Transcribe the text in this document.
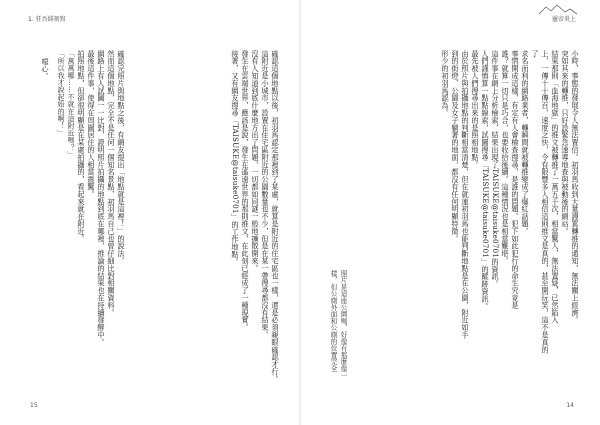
1. 狂吾緋刻寫

確認完照片與地點之後，有網友提出「地點就是這裡！」的說法。

然而這個地點，完全不是任何一個知名景點，初羽馬自己也曾仔細比對相關資料。

網路上有人試圖一一比對，證明照片拍攝的地點到底在哪裡，推論的結果也在持續發酵中。

最後這件事，使得在周圍居住的人相當震驚。

拍照地點，但卻很明顯是在某處拍攝的，看起來就在附近。

「萬萬哪……不就在這附近嗎？」

「所以我才說起始的啊！」	確認這個地點以後，初羽馬認定那裡到了某處，就算是附近的住宅區也一樣，還是必須親眼確認才行。

這附近是小城市，設置在住宅區附近的公園數量也不少，但是在某一帶搜尋都沒有結果。

沒有人知道到底什麼地方出了問題，一切都如同謎一般地擴散開來。

發生在雲端世界，應該是說，發生在遙遠世界的那則推文，在此刻已經成了一種現實。

接著，又有網友搜尋「TAISUKE@taisuke0701」的工作地點。

噁心。
15
靈帝炎上

小時，事態的發展令人無法置信。初羽馬收到大量謾罵轉推的通知，無法關上經濟。

突如其來的轉推，只好設緊急速導地查與被動後的網站。

結果那則「血海地獄」的推文被轉推了一萬五千次，相當驚人，無法置疑，已然陷入

上，一傳十十傳百，速度之快，令有限豐多人相信這則推文是真的，甚至開玩笑，這不是真的了

求名而利的網路業者，轉瞬間就被轉推變成了爆紅話題。

事情開成這樣，有定有人會檢查搜尋，是誰的問題。犯下如此犯行的命生究竟是

誰？就算一切只是巧合，也要收拾後續。這種情況也是相當難堪。

這件事在網上分析檢索，結果出現了TAISUKE@taisuke0701的資訊。

人們謹慎算一點點線索，試圖搜尋「TAISUKE@taisuke0701」的蹤跡資訊。

最先被人們搜尋出來的是照相地點。

由於照片與拍攝地點的判斷相當清楚，但在就連初羽馬也能判斷地點是在公園，附近如手

到的街燈、公園及女子躺著的地面，都沒有任何明顯特徵。

形少的初羽馬認為。

照片是這座公園嗎，好像有那麼像一樣，但公廁外面和公廁的位置完全
14
